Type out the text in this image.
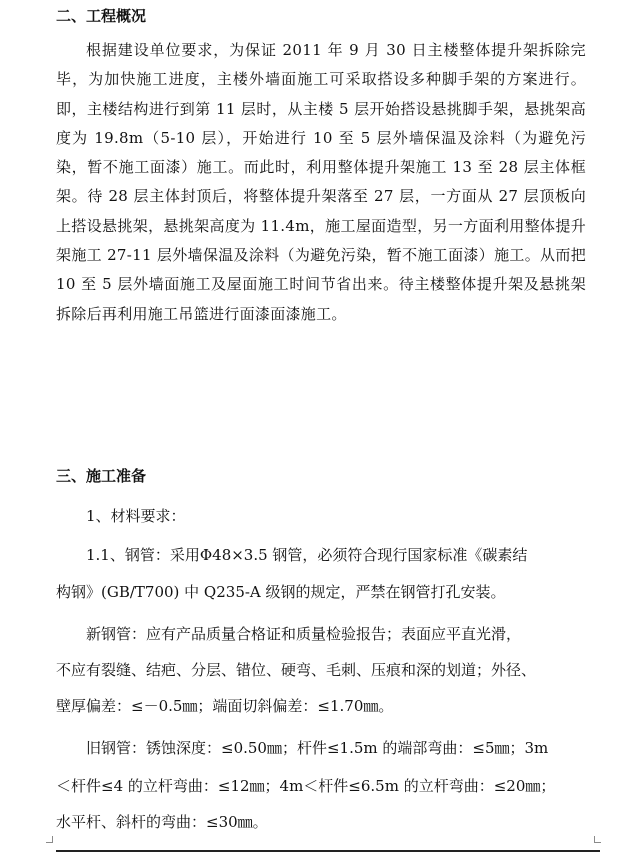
二、工程概况
根据建设单位要求，为保证 2011 年 9 月 30 日主楼整体提升架拆除完毕，为加快施工进度，主楼外墙面施工可采取搭设多种脚手架的方案进行。即，主楼结构进行到第 11 层时，从主楼 5 层开始搭设悬挑脚手架，悬挑架高度为 19.8m（5-10 层），开始进行 10 至 5 层外墙保温及涂料（为避免污染，暂不施工面漆）施工。而此时，利用整体提升架施工 13 至 28 层主体框架。待 28 层主体封顶后，将整体提升架落至 27 层，一方面从 27 层顶板向上搭设悬挑架，悬挑架高度为 11.4m，施工屋面造型，另一方面利用整体提升架施工 27-11 层外墙保温及涂料（为避免污染，暂不施工面漆）施工。从而把 10 至 5 层外墙面施工及屋面施工时间节省出来。待主楼整体提升架及悬挑架拆除后再利用施工吊篮进行面漆面漆施工。
三、施工准备
1、材料要求：
1.1、钢管：采用Φ48×3.5 钢管，必须符合现行国家标准《碳素结
构钢》(GB/T700) 中 Q235-A 级钢的规定，严禁在钢管打孔安装。
新钢管：应有产品质量合格证和质量检验报告；表面应平直光滑，
不应有裂缝、结疤、分层、错位、硬弯、毛刺、压痕和深的划道；外径、
壁厚偏差：≤－0.5㎜；端面切斜偏差：≤1.70㎜。
旧钢管：锈蚀深度：≤0.50㎜；杆件≤1.5m 的端部弯曲：≤5㎜；3m
＜杆件≤4 的立杆弯曲：≤12㎜；4m＜杆件≤6.5m 的立杆弯曲：≤20㎜；
水平杆、斜杆的弯曲：≤30㎜。
